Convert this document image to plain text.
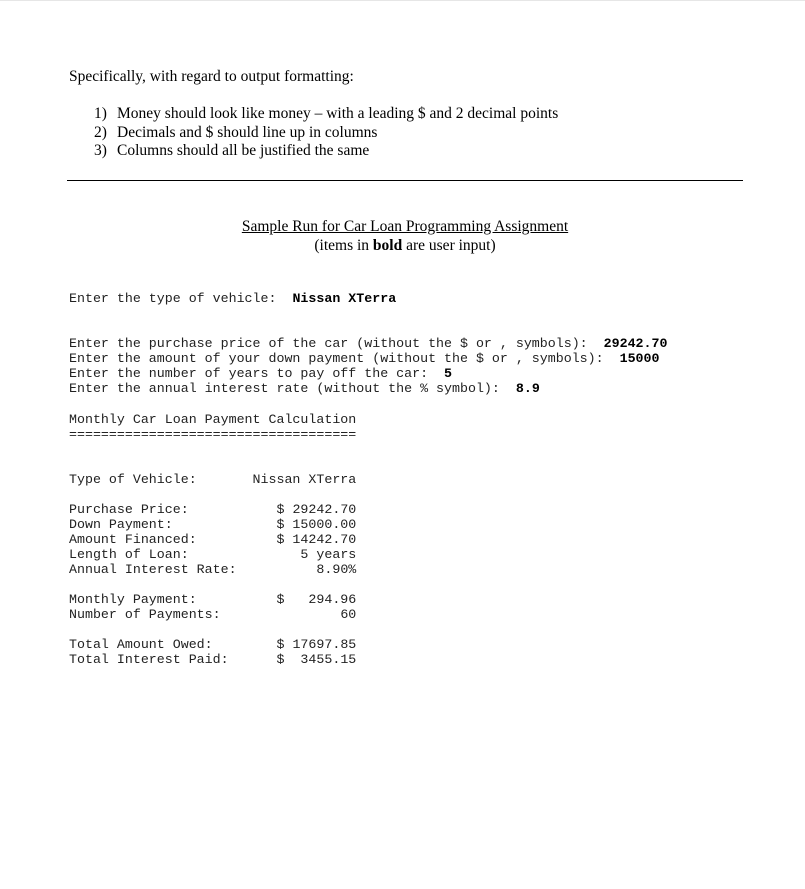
Specifically, with regard to output formatting:
1) Money should look like money – with a leading $ and 2 decimal points
2) Decimals and $ should line up in columns
3) Columns should all be justified the same
Sample Run for Car Loan Programming Assignment
(items in bold are user input)
Enter the type of vehicle:  Nissan XTerra

Enter the purchase price of the car (without the $ or , symbols):  29242.70
Enter the amount of your down payment (without the $ or , symbols):  15000
Enter the number of years to pay off the car:  5
Enter the annual interest rate (without the % symbol):  8.9
Monthly Car Loan Payment Calculation
====================================

Type of Vehicle:	Nissan XTerra

Purchase Price:	$ 29242.70
Down Payment:	$ 15000.00
Amount Financed:	$ 14242.70
Length of Loan:	5 years
Annual Interest Rate:	8.90%

Monthly Payment:	$   294.96
Number of Payments:	60

Total Amount Owed:	$ 17697.85
Total Interest Paid:	$  3455.15
